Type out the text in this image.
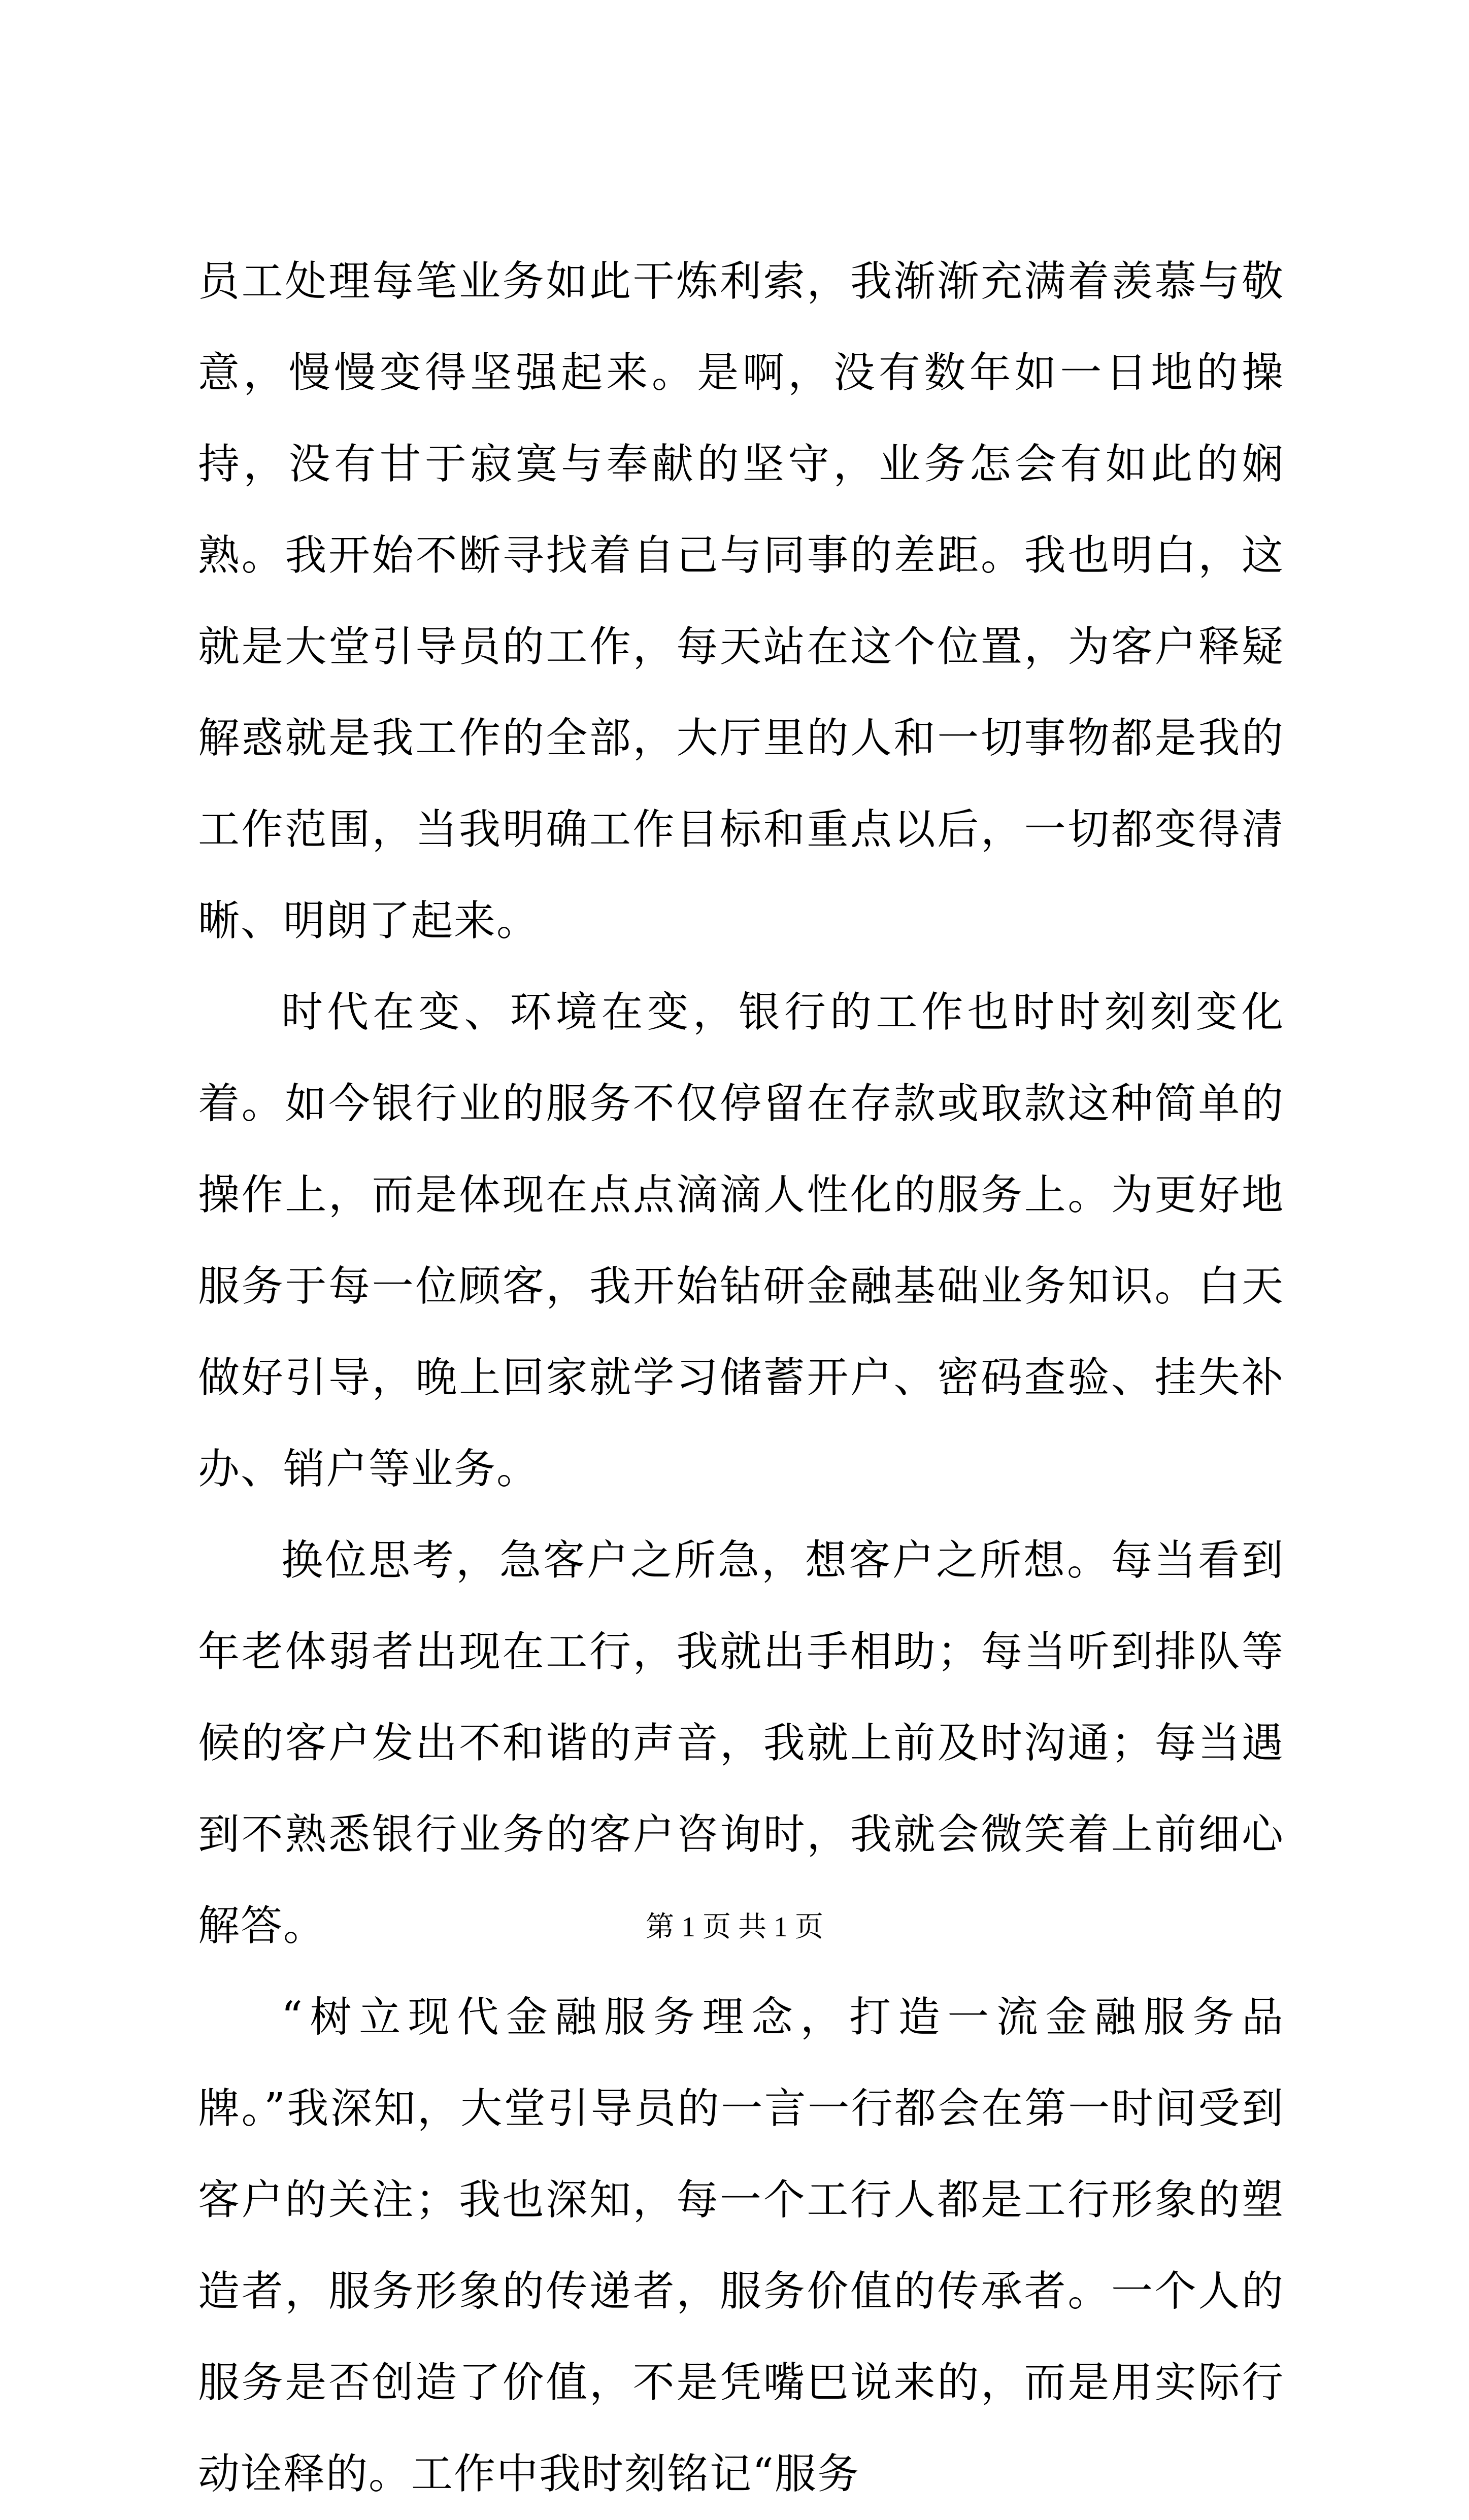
员工处理每笔业务如此干炼利索，我渐渐充满着羡慕与敬意，慢慢变得坚强起来。是啊，没有数年如一日地的操持，没有甘于寂寞与奉献的坚守，业务怎会有如此的娴熟。我开始不断寻找着自己与同事的差距。我也明白，这就是大堂引导员的工作，每天站在这个位置，为客户释疑解惑就是我工作的全部，大厅里的人和一切事物都是我的工作范围，当我明确工作目标和重点以后，一切都变得清晰、明朗了起来。

时代在变、环境在变，银行的工作也时时刻刻变化着。如今银行业的服务不仅停留在存款或取款这种简单的操作上，而是体现在点点滴滴人性化的服务上。为更好地服务于每一位顾客，我开始钻研金融基础业务知识。白天做好引导，晚上回家就学习储蓄开户、密码查验、挂失补办、销户等业务。

换位思考，急客户之所急，想客户之所想。每当看到年老体弱者出现在工行，我就出手相助；每当听到排队等候的客户发出不和谐的声音，我就上前及时沟通；每当遇到不熟悉银行业务的客户咨询时，我就会微笑着上前细心解答。

“树立现代金融服务理念，打造一流金融服务品牌。”我深知，大堂引导员的一言一行都会在第一时间受到客户的关注；我也深知，每一个工行人都是工行形象的塑造者，服务形象的传递者，服务价值的传承者。一个人的服务是否创造了价值，不是凭嘴巴说来的，而是用实际行动诠释的。工作中我时刻铭记“服务

第 1 页 共 1 页
